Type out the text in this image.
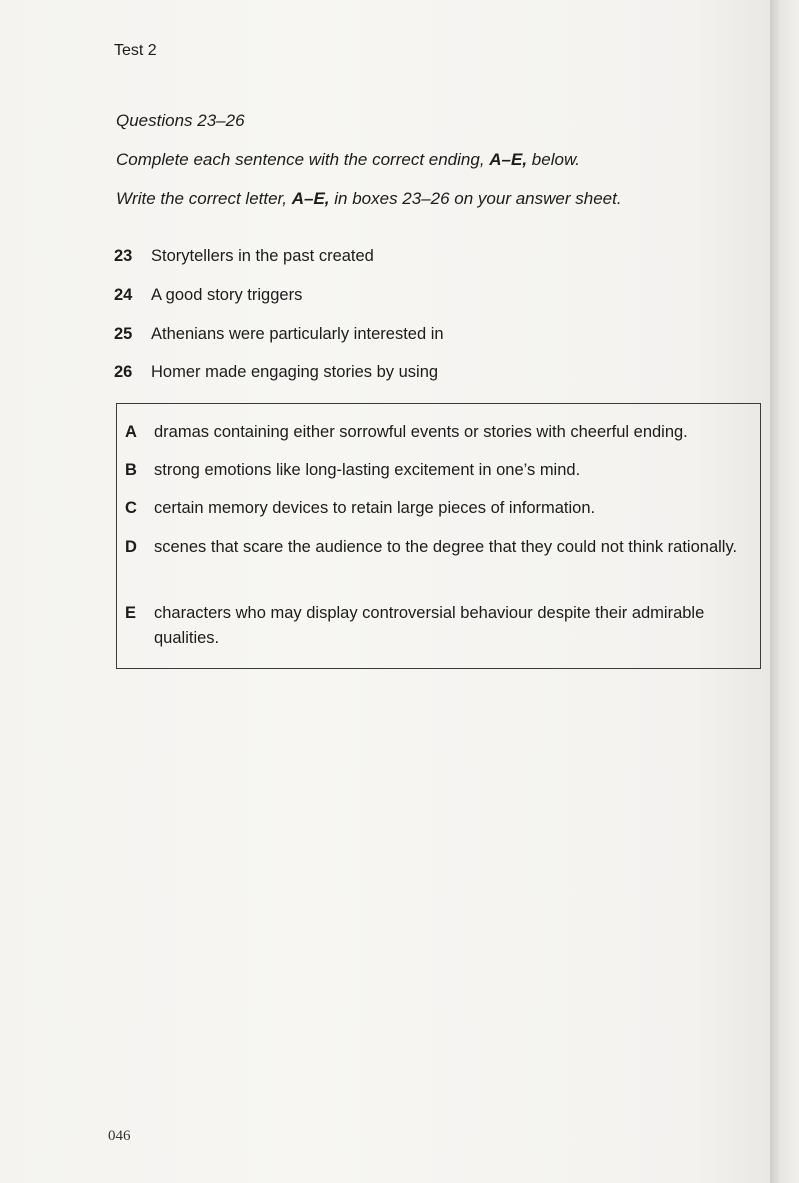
Test 2
Questions 23–26
Complete each sentence with the correct ending, A–E, below.
Write the correct letter, A–E, in boxes 23–26 on your answer sheet.
23 Storytellers in the past created
24 A good story triggers
25 Athenians were particularly interested in
26 Homer made engaging stories by using
A dramas containing either sorrowful events or stories with cheerful ending.
B strong emotions like long-lasting excitement in one’s mind.
C certain memory devices to retain large pieces of information.
D scenes that scare the audience to the degree that they could not think rationally.
E characters who may display controversial behaviour despite their admirable qualities.
046
